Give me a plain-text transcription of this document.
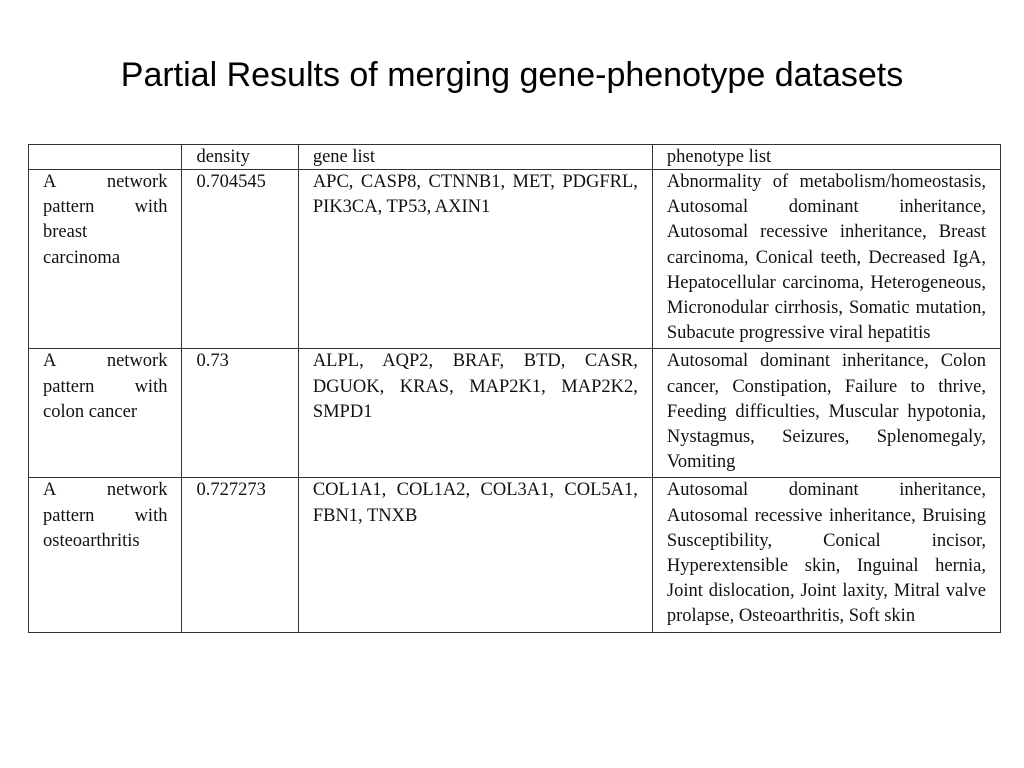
Partial Results of merging gene-phenotype datasets
	density	gene list	phenotype list
A network pattern with breast carcinoma	0.704545	APC, CASP8, CTNNB1, MET, PDGFRL, PIK3CA, TP53, AXIN1	Abnormality of metabolism/homeostasis, Autosomal dominant inheritance, Autosomal recessive inheritance, Breast carcinoma, Conical teeth, Decreased IgA, Hepatocellular carcinoma, Heterogeneous, Micronodular cirrhosis, Somatic mutation, Subacute progressive viral hepatitis
A network pattern with colon cancer	0.73	ALPL, AQP2, BRAF, BTD, CASR, DGUOK, KRAS, MAP2K1, MAP2K2, SMPD1	Autosomal dominant inheritance, Colon cancer, Constipation, Failure to thrive, Feeding difficulties, Muscular hypotonia, Nystagmus, Seizures, Splenomegaly, Vomiting
A network pattern with osteoarthritis	0.727273	COL1A1, COL1A2, COL3A1, COL5A1, FBN1, TNXB	Autosomal dominant inheritance, Autosomal recessive inheritance, Bruising Susceptibility, Conical incisor, Hyperextensible skin, Inguinal hernia, Joint dislocation, Joint laxity, Mitral valve prolapse, Osteoarthritis, Soft skin
